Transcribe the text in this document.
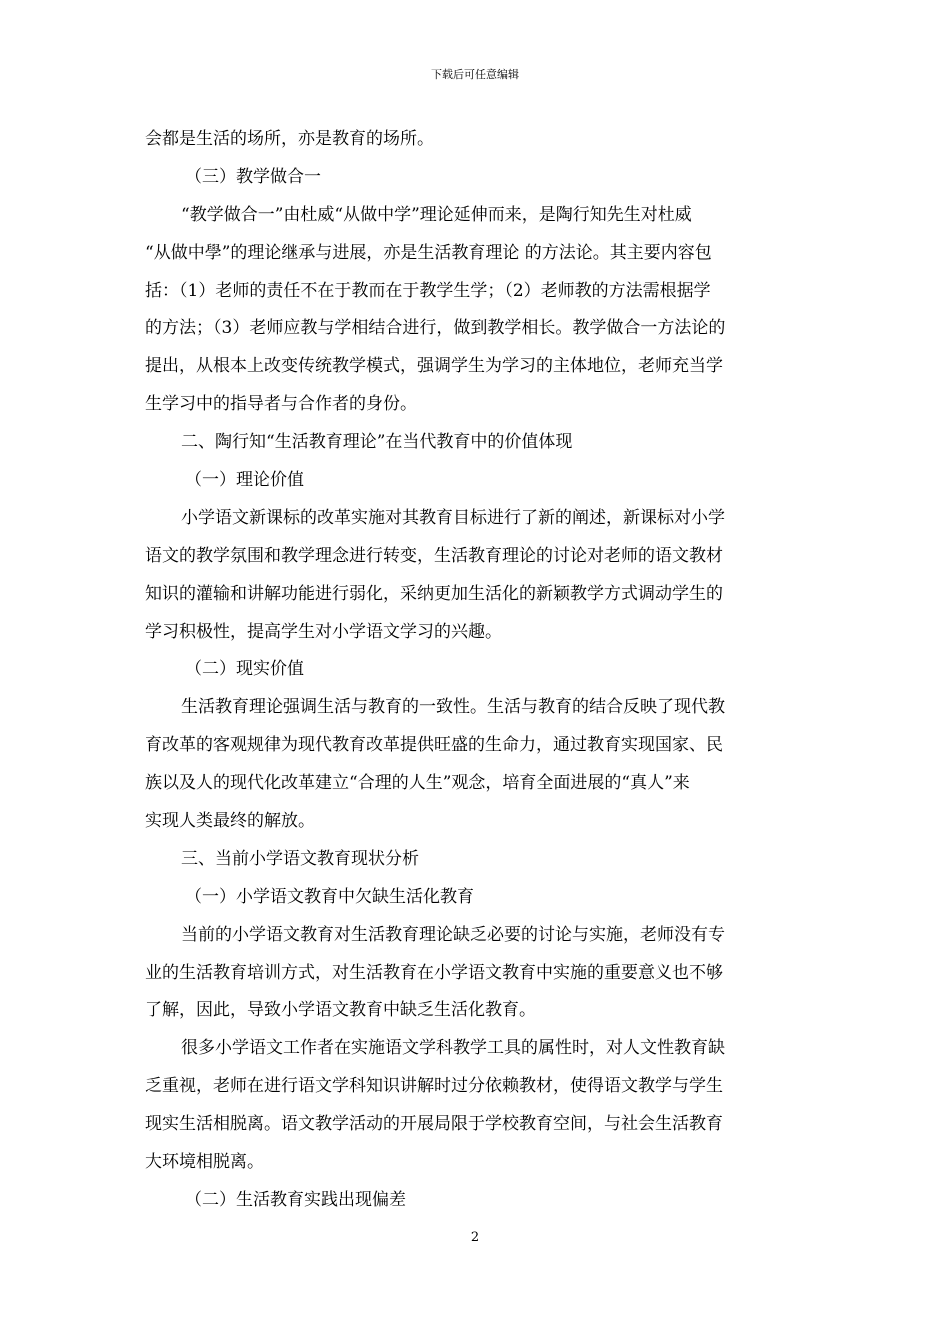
下载后可任意编辑
会都是生活的场所，亦是教育的场所。
（三）教学做合一
“教学做合一”由杜威“从做中学”理论延伸而来，是陶行知先生对杜威
“从做中學”的理论继承与进展，亦是生活教育理论 的方法论。其主要内容包
括：（1）老师的责任不在于教而在于教学生学；（2）老师教的方法需根据学
的方法；（3）老师应教与学相结合进行，做到教学相长。教学做合一方法论的
提出，从根本上改变传统教学模式，强调学生为学习的主体地位，老师充当学
生学习中的指导者与合作者的身份。
二、陶行知“生活教育理论”在当代教育中的价值体现
（一）理论价值
小学语文新课标的改革实施对其教育目标进行了新的阐述，新课标对小学
语文的教学氛围和教学理念进行转变，生活教育理论的讨论对老师的语文教材
知识的灌输和讲解功能进行弱化，采纳更加生活化的新颖教学方式调动学生的
学习积极性，提高学生对小学语文学习的兴趣。
（二）现实价值
生活教育理论强调生活与教育的一致性。生活与教育的结合反映了现代教
育改革的客观规律为现代教育改革提供旺盛的生命力，通过教育实现国家、民
族以及人的现代化改革建立“合理的人生”观念，培育全面进展的“真人”来
实现人类最终的解放。
三、当前小学语文教育现状分析
（一）小学语文教育中欠缺生活化教育
当前的小学语文教育对生活教育理论缺乏必要的讨论与实施，老师没有专
业的生活教育培训方式，对生活教育在小学语文教育中实施的重要意义也不够
了解，因此，导致小学语文教育中缺乏生活化教育。
很多小学语文工作者在实施语文学科教学工具的属性时，对人文性教育缺
乏重视，老师在进行语文学科知识讲解时过分依赖教材，使得语文教学与学生
现实生活相脱离。语文教学活动的开展局限于学校教育空间，与社会生活教育
大环境相脱离。
（二）生活教育实践出现偏差
2
